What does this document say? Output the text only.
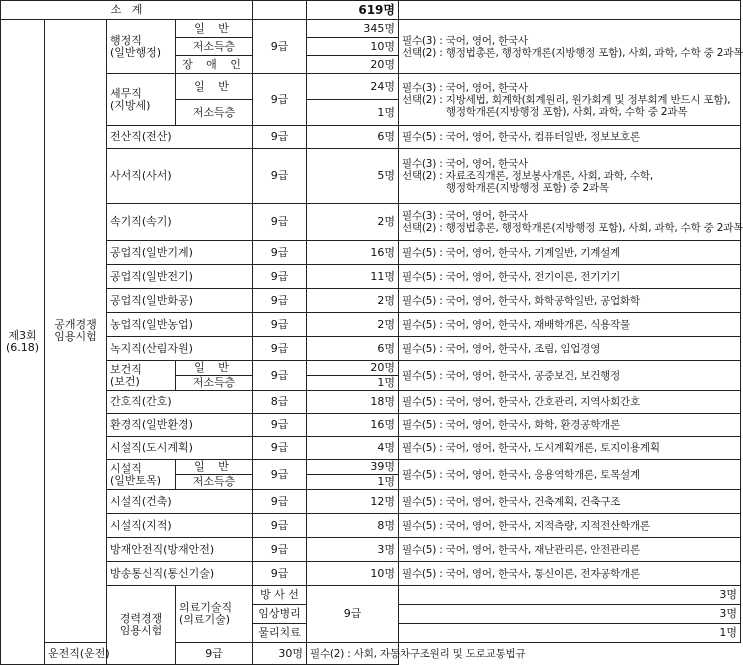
소   계					619명		
제3회
(6.18)	공개경쟁
임용시험	행정직
(일반행정)	일 반	9급	345명	필수(3) : 국어, 영어, 한국사
선택(2) : 행정법총론, 행정학개론(지방행정 포함), 사회, 과학, 수학 중 2과목	
			저소득층		10명		
			장 애 인		20명		
		세무직
(지방세)	일 반	9급	24명	필수(3) : 국어, 영어, 한국사
선택(2) : 지방세법, 회계학(회계원리, 원가회계 및 정부회계 반드시 포함),
행정학개론(지방행정 포함), 사회, 과학, 수학 중 2과목	
			저소득층		1명		
		전산직(전산)		9급	6명	필수(5) : 국어, 영어, 한국사, 컴퓨터일반, 정보보호론	
		사서직(사서)		9급	5명	필수(3) : 국어, 영어, 한국사
선택(2) : 자료조직개론, 정보봉사개론, 사회, 과학, 수학,
행정학개론(지방행정 포함) 중 2과목	
		속기직(속기)		9급	2명	필수(3) : 국어, 영어, 한국사
선택(2) : 행정법총론, 행정학개론(지방행정 포함), 사회, 과학, 수학 중 2과목	
		공업직(일반기계)		9급	16명	필수(5) : 국어, 영어, 한국사, 기계일반, 기계설계	
		공업직(일반전기)		9급	11명	필수(5) : 국어, 영어, 한국사, 전기이론, 전기기기	
		공업직(일반화공)		9급	2명	필수(5) : 국어, 영어, 한국사, 화학공학일반, 공업화학	
		농업직(일반농업)		9급	2명	필수(5) : 국어, 영어, 한국사, 재배학개론, 식용작물	
		녹지직(산림자원)		9급	6명	필수(5) : 국어, 영어, 한국사, 조림, 임업경영	
		보건직
(보건)	일 반	9급	20명	필수(5) : 국어, 영어, 한국사, 공중보건, 보건행정	
			저소득층		1명		
		간호직(간호)		8급	18명	필수(5) : 국어, 영어, 한국사, 간호관리, 지역사회간호	
		환경직(일반환경)		9급	16명	필수(5) : 국어, 영어, 한국사, 화학, 환경공학개론	
		시설직(도시계획)		9급	4명	필수(5) : 국어, 영어, 한국사, 도시계획개론, 토지이용계획	
		시설직
(일반토목)	일 반	9급	39명	필수(5) : 국어, 영어, 한국사, 응용역학개론, 토목설계	
			저소득층		1명		
		시설직(건축)		9급	12명	필수(5) : 국어, 영어, 한국사, 건축계획, 건축구조	
		시설직(지적)		9급	8명	필수(5) : 국어, 영어, 한국사, 지적측량, 지적전산학개론	
		방재안전직(방재안전)		9급	3명	필수(5) : 국어, 영어, 한국사, 재난관리론, 안전관리론	
		방송통신직(통신기술)		9급	10명	필수(5) : 국어, 영어, 한국사, 통신이론, 전자공학개론	
		경력경쟁
임용시험	의료기술직
(의료기술)	방 사 선	9급	3명	
				임상병리		3명	
				물리치료		1명	
	운전직(운전)		9급	30명	필수(2) : 사회, 자동차구조원리 및 도로교통법규		
